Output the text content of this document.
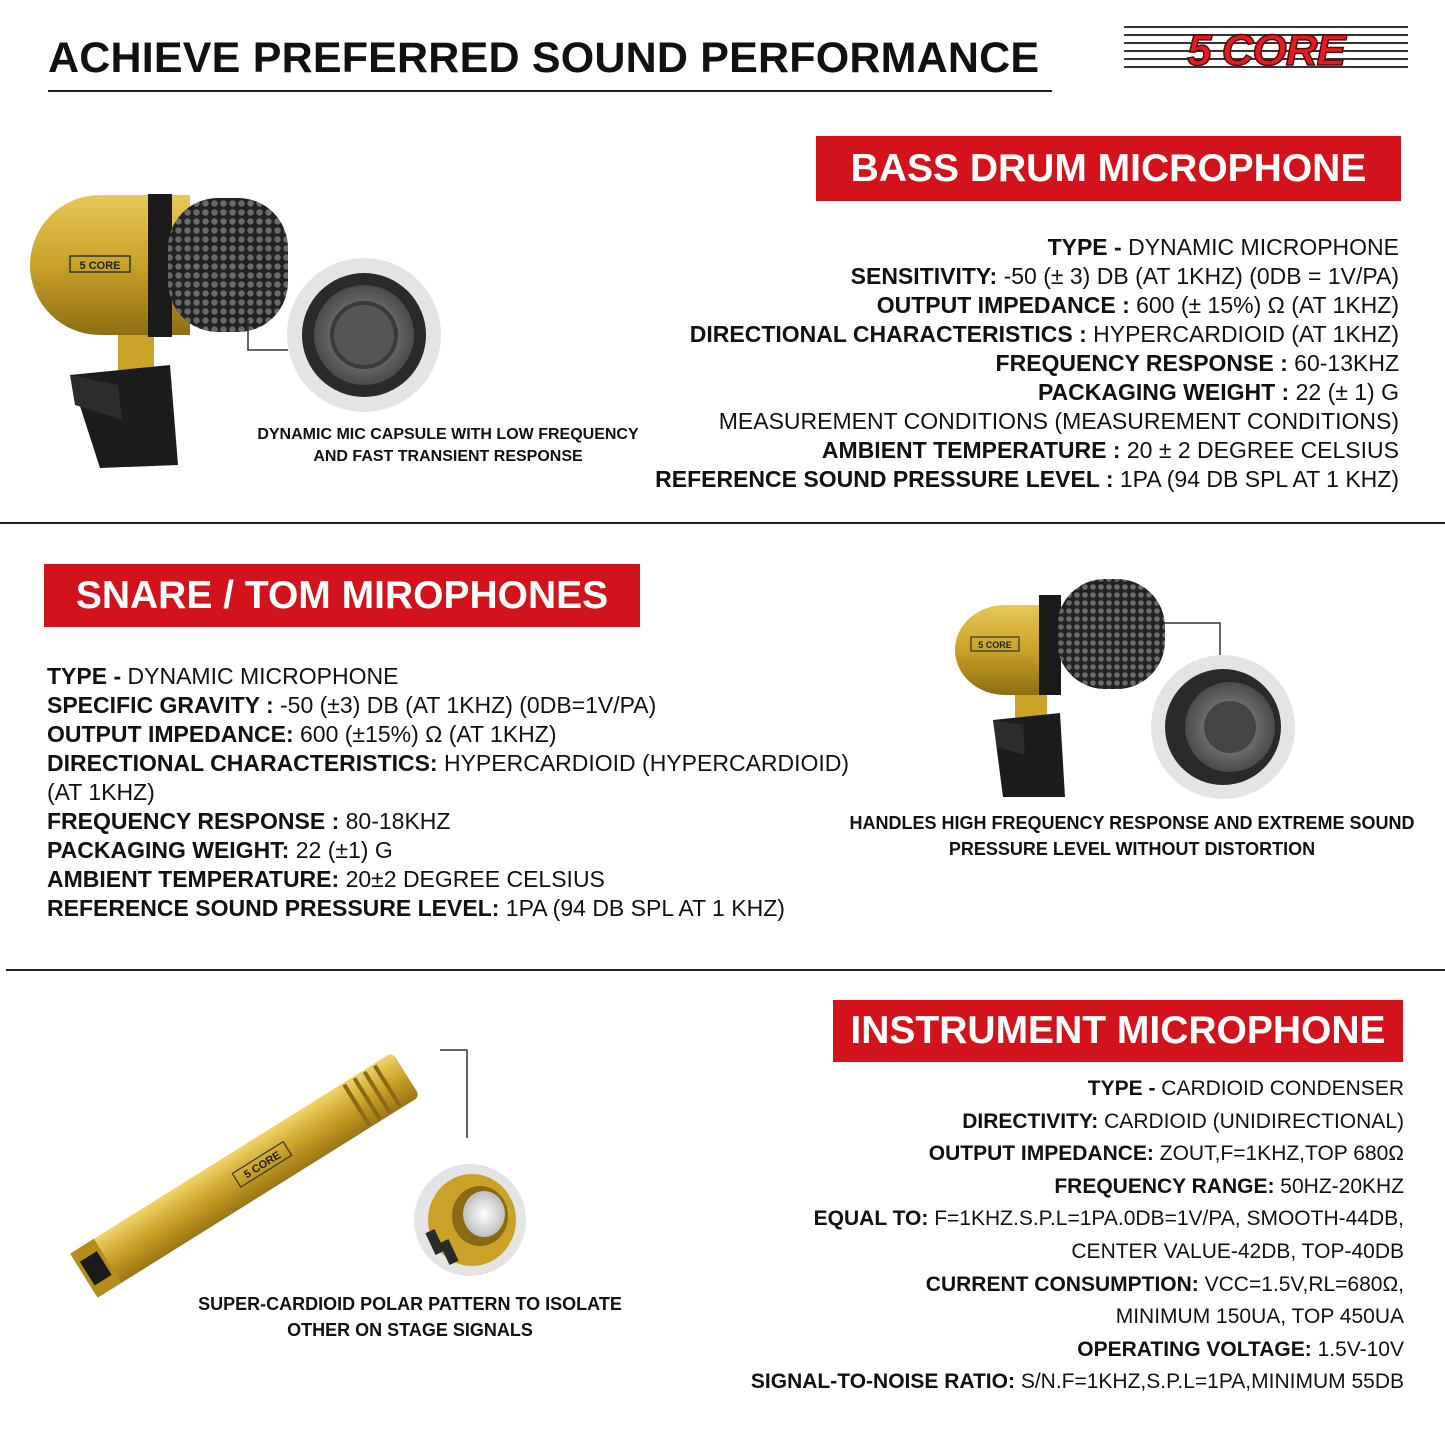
ACHIEVE PREFERRED SOUND PERFORMANCE	5 CORE
BASS DRUM MICROPHONE
5 CORE
DYNAMIC MIC CAPSULE WITH LOW FREQUENCY
AND FAST TRANSIENT RESPONSE
TYPE - DYNAMIC MICROPHONE
SENSITIVITY: -50 (± 3) DB (AT 1KHZ) (0DB = 1V/PA)
OUTPUT IMPEDANCE : 600 (± 15%) Ω (AT 1KHZ)
DIRECTIONAL CHARACTERISTICS : HYPERCARDIOID (AT 1KHZ)
FREQUENCY RESPONSE : 60-13KHZ
PACKAGING WEIGHT : 22 (± 1) G
MEASUREMENT CONDITIONS (MEASUREMENT CONDITIONS)
AMBIENT TEMPERATURE : 20 ± 2 DEGREE CELSIUS
REFERENCE SOUND PRESSURE LEVEL : 1PA (94 DB SPL AT 1 KHZ)
SNARE / TOM MIROPHONES
TYPE - DYNAMIC MICROPHONE
SPECIFIC GRAVITY : -50 (±3) DB (AT 1KHZ) (0DB=1V/PA)
OUTPUT IMPEDANCE: 600 (±15%) Ω (AT 1KHZ)
DIRECTIONAL CHARACTERISTICS: HYPERCARDIOID (HYPERCARDIOID)
(AT 1KHZ)
FREQUENCY RESPONSE : 80-18KHZ
PACKAGING WEIGHT: 22 (±1) G
AMBIENT TEMPERATURE: 20±2 DEGREE CELSIUS
REFERENCE SOUND PRESSURE LEVEL: 1PA (94 DB SPL AT 1 KHZ)
5 CORE
HANDLES HIGH FREQUENCY RESPONSE AND EXTREME SOUND
PRESSURE LEVEL WITHOUT DISTORTION
INSTRUMENT MICROPHONE
5 CORE
SUPER-CARDIOID POLAR PATTERN TO ISOLATE
OTHER ON STAGE SIGNALS
TYPE - CARDIOID CONDENSER
DIRECTIVITY: CARDIOID (UNIDIRECTIONAL)
OUTPUT IMPEDANCE: ZOUT,F=1KHZ,TOP 680Ω
FREQUENCY RANGE: 50HZ-20KHZ
EQUAL TO: F=1KHZ.S.P.L=1PA.0DB=1V/PA, SMOOTH-44DB,
CENTER VALUE-42DB, TOP-40DB
CURRENT CONSUMPTION: VCC=1.5V,RL=680Ω,
MINIMUM 150UA, TOP 450UA
OPERATING VOLTAGE: 1.5V-10V
SIGNAL-TO-NOISE RATIO: S/N.F=1KHZ,S.P.L=1PA,MINIMUM 55DB
